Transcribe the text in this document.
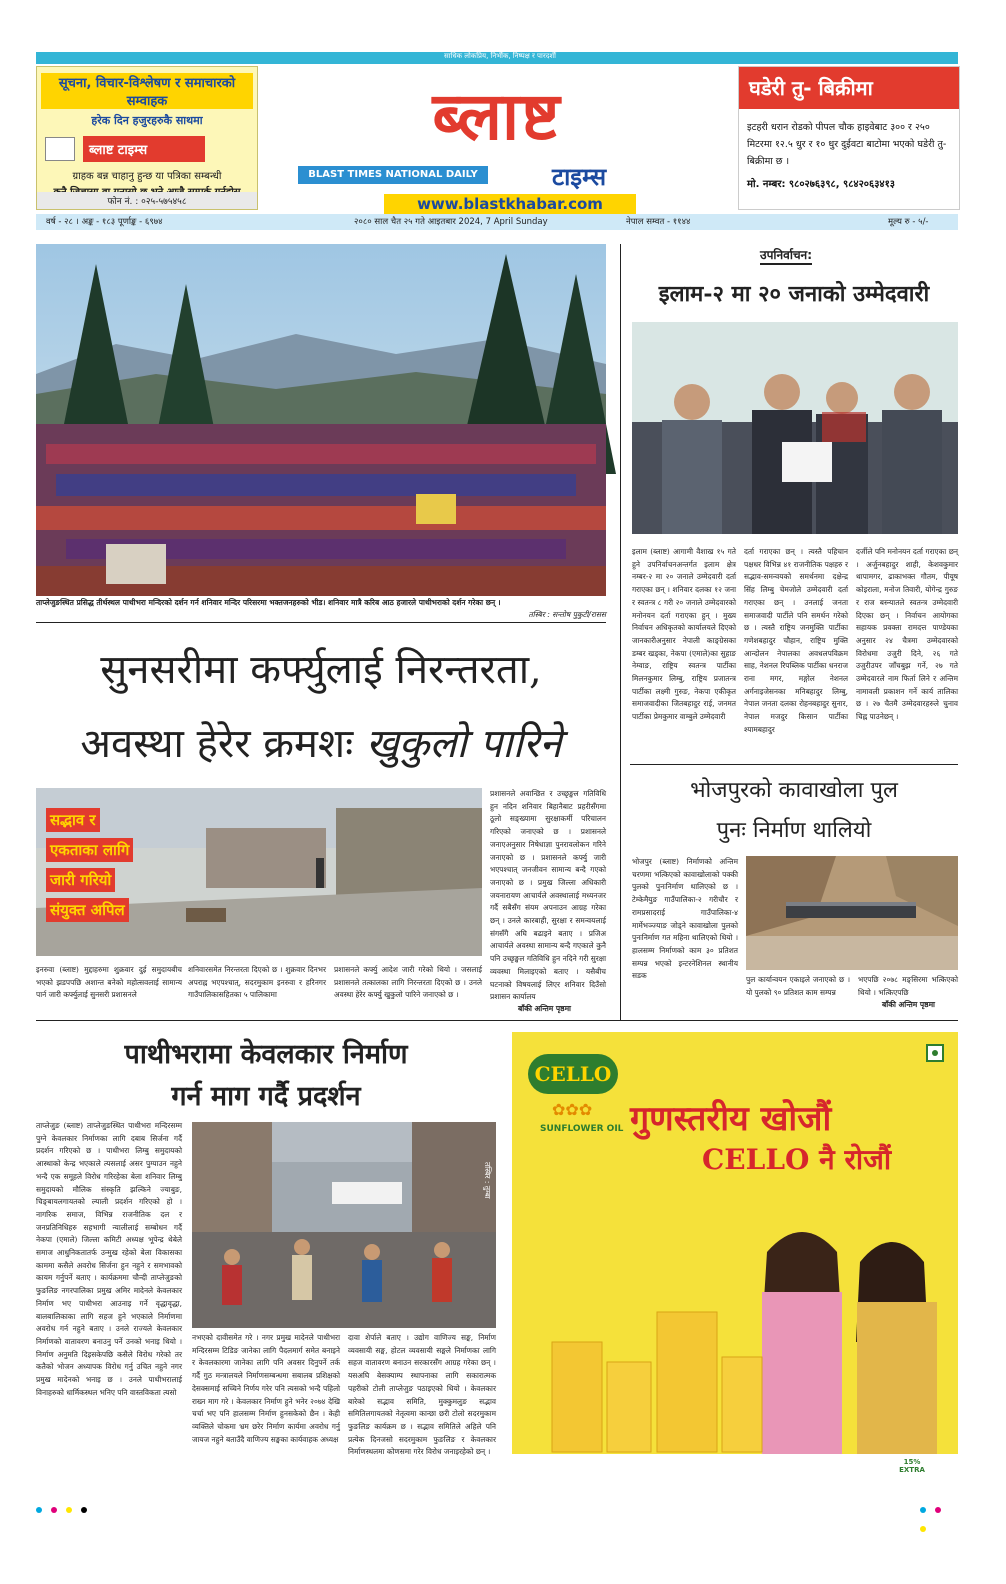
साधिक लोकप्रिय, निर्भीक, निष्पक्ष र पारदर्शी
सूचना, विचार-विश्लेषण र समाचारको सम्वाहक
हरेक दिन हजुरहरुकै साथमा
ब्लाष्ट टाइम्स
ग्राहक बन्न चाहानु हुन्छ या पत्रिका सम्बन्धी
फोन नं. : ०२५-५७५४५८
ब्लाष्ट
BLAST TIMES NATIONAL DAILY	टाइम्स
www.blastkhabar.com
घडेरी तु- बिक्रीमा
इटहरी धरान रोडको पीपल चौक हाइवेबाट ३०० र २५० मिटरमा १२.५ धुर र १० धुर दुईवटा बाटोमा भएको घडेरी तु-बिक्रीमा छ ।
मो. नम्बर: ९८०२७६३९८, ९८४२०६३४१३
वर्ष - २८ । अङ्क - १८३ पूर्णाङ्क - ६९७४	२०८० साल चैत २५ गते आइतबार 2024, 7 April Sunday	नेपाल सम्वत - ११४४	मूल्य रु - ५/-
ताप्लेजुङस्थित प्रसिद्ध तीर्थस्थल पाथीभरा मन्दिरको दर्शन गर्न शनिवार मन्दिर परिसरमा भक्तजनहरुको भीड। शनिवार मात्रै करिब आठ हजारले पाथीभराको दर्शन गरेका छन् ।
तस्बिर : सन्तोष पुकुटी/रासस
सुनसरीमा कर्फ्युलाई निरन्तरता,
अवस्था हेरेर क्रमशः खुकुलो पारिने
सद्भाव र
एकताका लागि
जारी गरियो
संयुक्त अपिल
प्रशासनले अवान्छित र उच्छृङ्खल गतिविधि हुन नदिन शनिवार बिहानैबाट प्रहरीसँगमा ठूलो सङ्ख्यामा सुरक्षाकर्मी परिचालन गरिएको जनाएको छ । प्रशासनले जनाएअनुसार निषेधाज्ञा पुनरावलोकन गरिने जनाएको छ । प्रशासनले कर्फ्यु जारी भएपश्चात् जनजीवन सामान्य बन्दै गएको जनाएको छ । प्रमुख जिल्ला अधिकारी जयनारायण आचार्यले अवस्थालाई मध्यनजर गर्दै सबैसँग संयम अपनाउन आग्रह गरेका छन् । उनले कारबाही, सुरक्षा र समन्वयलाई संगसँगै अघि बढाइने बताए । प्रजिअ आचार्यले अवस्था सामान्य बन्दै गएकाले कुनै पनि उच्छृङ्खल गतिविधि हुन नदिने गरी सुरक्षा व्यवस्था मिलाइएको बताए । यसैबीच घटनाको विषयलाई लिएर शनिवार दिउँसो प्रशासन कार्यालय
इनरुवा (ब्लाष्ट) मुद्दाहरुमा शुक्रवार दुई समुदायबीच भएको झडपपछि अशान्त बनेको महोत्सवलाई सामान्य पार्न जारी कर्फ्युलाई सुनसरी प्रशासनले
शनिवारसमेत निरन्तरता दिएको छ । शुक्रवार दिनभर अपराह्न भएपश्चात्, सदरमुकाम इनरुवा र हरिनगर गाउँपालिकासहितका ५ पालिकामा
प्रशासनले कर्फ्यु आदेश जारी गरेको थियो । जसलाई प्रशासनले तत्कालका लागि निरन्तरता दिएको छ । उनले अवस्था हेरेर कर्फ्यु खुकुलो पारिने जनाएको छ ।
बाँकी अन्तिम पृष्ठमा
उपनिर्वाचन:
इलाम-२ मा २० जनाको उम्मेदवारी
इलाम (ब्लाष्ट) आगामी वैशाख १५ गते हुने उपनिर्वाचनअन्तर्गत इलाम क्षेत्र नम्बर-२ मा २० जनाले उम्मेदवारी दर्ता गराएका छन् । शनिवार दलका १२ जना र स्वतन्त्र ८ गरी २० जनाले उम्मेदवारको मनोनयन दर्ता गराएका हुन् । मुख्य निर्वाचन अधिकृतको कार्यालयले दिएको जानकारीअनुसार नेपाली काङ्ग्रेसका डम्बर खड्का, नेकपा (एमाले)का सुहाङ नेम्वाङ, राष्ट्रिय स्वतन्त्र पार्टीका मिलनकुमार लिम्बु, राष्ट्रिय प्रजातन्त्र पार्टीका लक्ष्मी गुरुङ, नेकपा एकीकृत समाजवादीका जितबहादुर राई, जनमत पार्टीका प्रेमकुमार वाम्बुले उम्मेदवारी
दर्ता गराएका छन् । त्यस्तै पहिचान पक्षधर विभिन्न ४१ राजनीतिक पक्षहरु र सद्भाव-समन्वयको समर्थनमा दक्षेन्द्र सिंह लिम्बु चेमजोले उम्मेदवारी दर्ता गराएका छन् । उनलाई जनता समाजवादी पार्टीले पनि समर्थन गरेको छ । त्यस्तै राष्ट्रिय जनमुक्ति पार्टीका गणेशबहादुर चौहान, राष्ट्रिय मुक्ति आन्दोलन नेपालका अवधलपविक्रम साह, नेशनल रिपब्लिक पार्टीका धनराज राना मगर, मङ्गोल नेशनल अर्गनाइजेसनका मनिबहादुर लिम्बु, नेपाल जनता दलका रोहनबहादुर सुनार, नेपाल मजदुर किसान पार्टीका श्यामबहादुर
दर्जीले पनि मनोनयन दर्ता गराएका छन् । अर्जुनबहादुर शाही, केशवकुमार थापामगर, ढाकाभक्त गौतम, पीयूष कोइराला, मनोज तिवारी, योगेन्द्र गुरुङ र राज बस्न्यातले स्वतन्त्र उम्मेदवारी दिएका छन् । निर्वाचन आयोगका सहायक प्रवक्ता रामदत्त पाण्डेयका अनुसार २४ चैत्रमा उम्मेदवारको विरोधमा उजुरी दिने, २६ गते उजुरीउपर जाँचबुझ गर्ने, २७ गते उम्मेदवारले नाम फिर्ता लिने र अन्तिम नामावली प्रकाशन गर्ने कार्य तालिका छ । २७ चैतमै उम्मेदवारहरुले चुनाव चिह्न पाउनेछन् ।
भोजपुरको कावाखोला पुल
पुनः निर्माण थालियो
भोजपुर (ब्लाष्ट) निर्माणको अन्तिम चरणमा भत्किएको कावाखोलाको पक्की पुलको पुनःनिर्माण थालिएको छ । टेम्केमैयुङ गाउँपालिका-२ गरीचौर र रामप्रसादराई गाउँपालिका-४ मार्मेभञ्ज्याङ जोड्ने कावाखोला पुलको पुनःनिर्माण गत महिना थालिएको थियो । हालसम्म निर्माणको काम ३० प्रतिशत सम्पन्न भएको इन्टरनेशिनल स्थानीय सडक	पुल कार्यान्वयन एकाइले जनाएको छ । यो पुलको ९० प्रतिशत काम सम्पन्न
भएपछि २०७८ मङ्सिरमा भत्किएको थियो । भत्किएपछि
बाँकी अन्तिम पृष्ठमा
पाथीभरामा केवलकार निर्माण
गर्न माग गर्दै प्रदर्शन
ताप्लेजुङ (ब्लाष्ट) ताप्लेजुङस्थित पाथीभरा मन्दिरसम्म पुग्ने केवलकार निर्माणका लागि दबाब सिर्जना गर्दै प्रदर्शन गरिएको छ । पाथीभरा लिम्बु समुदायको आस्थाको केन्द्र भएकाले त्यसलाई असर पुग्याउन नहुने भन्दै एक समूहले विरोध गरिरहेका बेला शनिवार लिम्बु समुदायको मौलिक संस्कृति झल्किने ज्याबुङ, चिङ्बायलगायतको ल्याली प्रदर्शन गरिएको हो । नागरिक समाज, विभिन्न राजनीतिक दल र जनप्रतिनिधिहरु सहभागी न्यालीलाई सम्बोधन गर्दै नेकपा (एमाले) जिल्ला कमिटी अध्यक्ष भूपेन्द्र थेबेले समाज आधुनिकतातर्फ उन्मुख रहेको बेला विकासका काममा कसैले अवरोध सिर्जना हुन नहुने र समभावको कायम गर्नुपर्ने बताए । कार्यक्रममा चौन्दी ताप्लेजुङको फुङलिङ नगरपालिका प्रमुख अमिर मादेनले केवलकार निर्माण भए पाथीभरा आउनाइ गर्ने वृद्धावृद्धा, बालबालिकाका लागि सहज हुने भएकाले निर्माणमा अवरोध गर्न नहुने बताए । उनले राज्यले केवलकार निर्माणको वातावरण बनाउनु पर्ने उनको भनाइ थियो । निर्माण अनुमति दिइसकेपछि कसैले विरोध गरेको तर कतैको भोजन अध्यापक विरोध गर्नु उचित नहुने नगर प्रमुख मादेनको भनाइ छ । उनले पाथीभरालाई विनाहरुको धार्मिकस्थल भनिए पनि वास्तविकता त्यसो
तस्बिर : तुम्बा
नभएको दावीसमेत गरे । नगर प्रमुख मादेनले पाथीभरा मन्दिरसम्म टिडिङ जानेका लागि पैदलमार्ग समेत बनाइने र केवलकारमा जानेका लागि पनि अवसर दिनुपर्ने तर्क गर्दै गुठ मन्त्रालयले निर्माणसम्बन्धमा सबालब प्रशिक्षको देसक्समाई सच्चिने निर्णय गरेर पनि त्यसको भन्दै पहिलो राख्न माग गरे । केवलकार निर्माण हुने भनेर २०७४ देखि चर्चा भए पनि हालसम्म निर्माण हुनसकेको छैन । केही व्यक्तिले चोकमा भ्रम छरेर निर्माण कार्यमा अवरोध गर्नु जायज नहुने बताउँदै वाणिज्य सङ्घका कार्यवाहक अध्यक्ष
दावा शेर्पाले बताए । उद्योग वाणिज्य सङ्घ, निर्माण व्यवसायी सङ्घ, होटल व्यवसायी सङ्घले निर्माणका लागि सहज वातावरण बनाउन सरकारसँग आग्रह गरेका छन् । यसअघि बेसक्याम्प स्थापनाका लागि सकारात्मक पहरीको टोली ताप्लेजुङ पठाइएको थियो । केवलकार बारेको सद्भाव समिति, मुक्कुमलुङ सद्भाव समितिलगायतको नेतृत्वमा कान्छा छरी टोलो सदरमुकाम फुङलिङ कार्यक्रम छ । सद्भाव समितिले अहिले पनि प्रत्येक दिनजसो सदरमुकाम फुङलिङ र केवलकार निर्माणस्थलमा कोणसमा गरेर विरोध जनाइरहेको छन् ।
CELLO
✿✿✿
SUNFLOWER OIL गुणस्तरीय खोजौं
CELLO नै रोजौं
15% EXTRA
